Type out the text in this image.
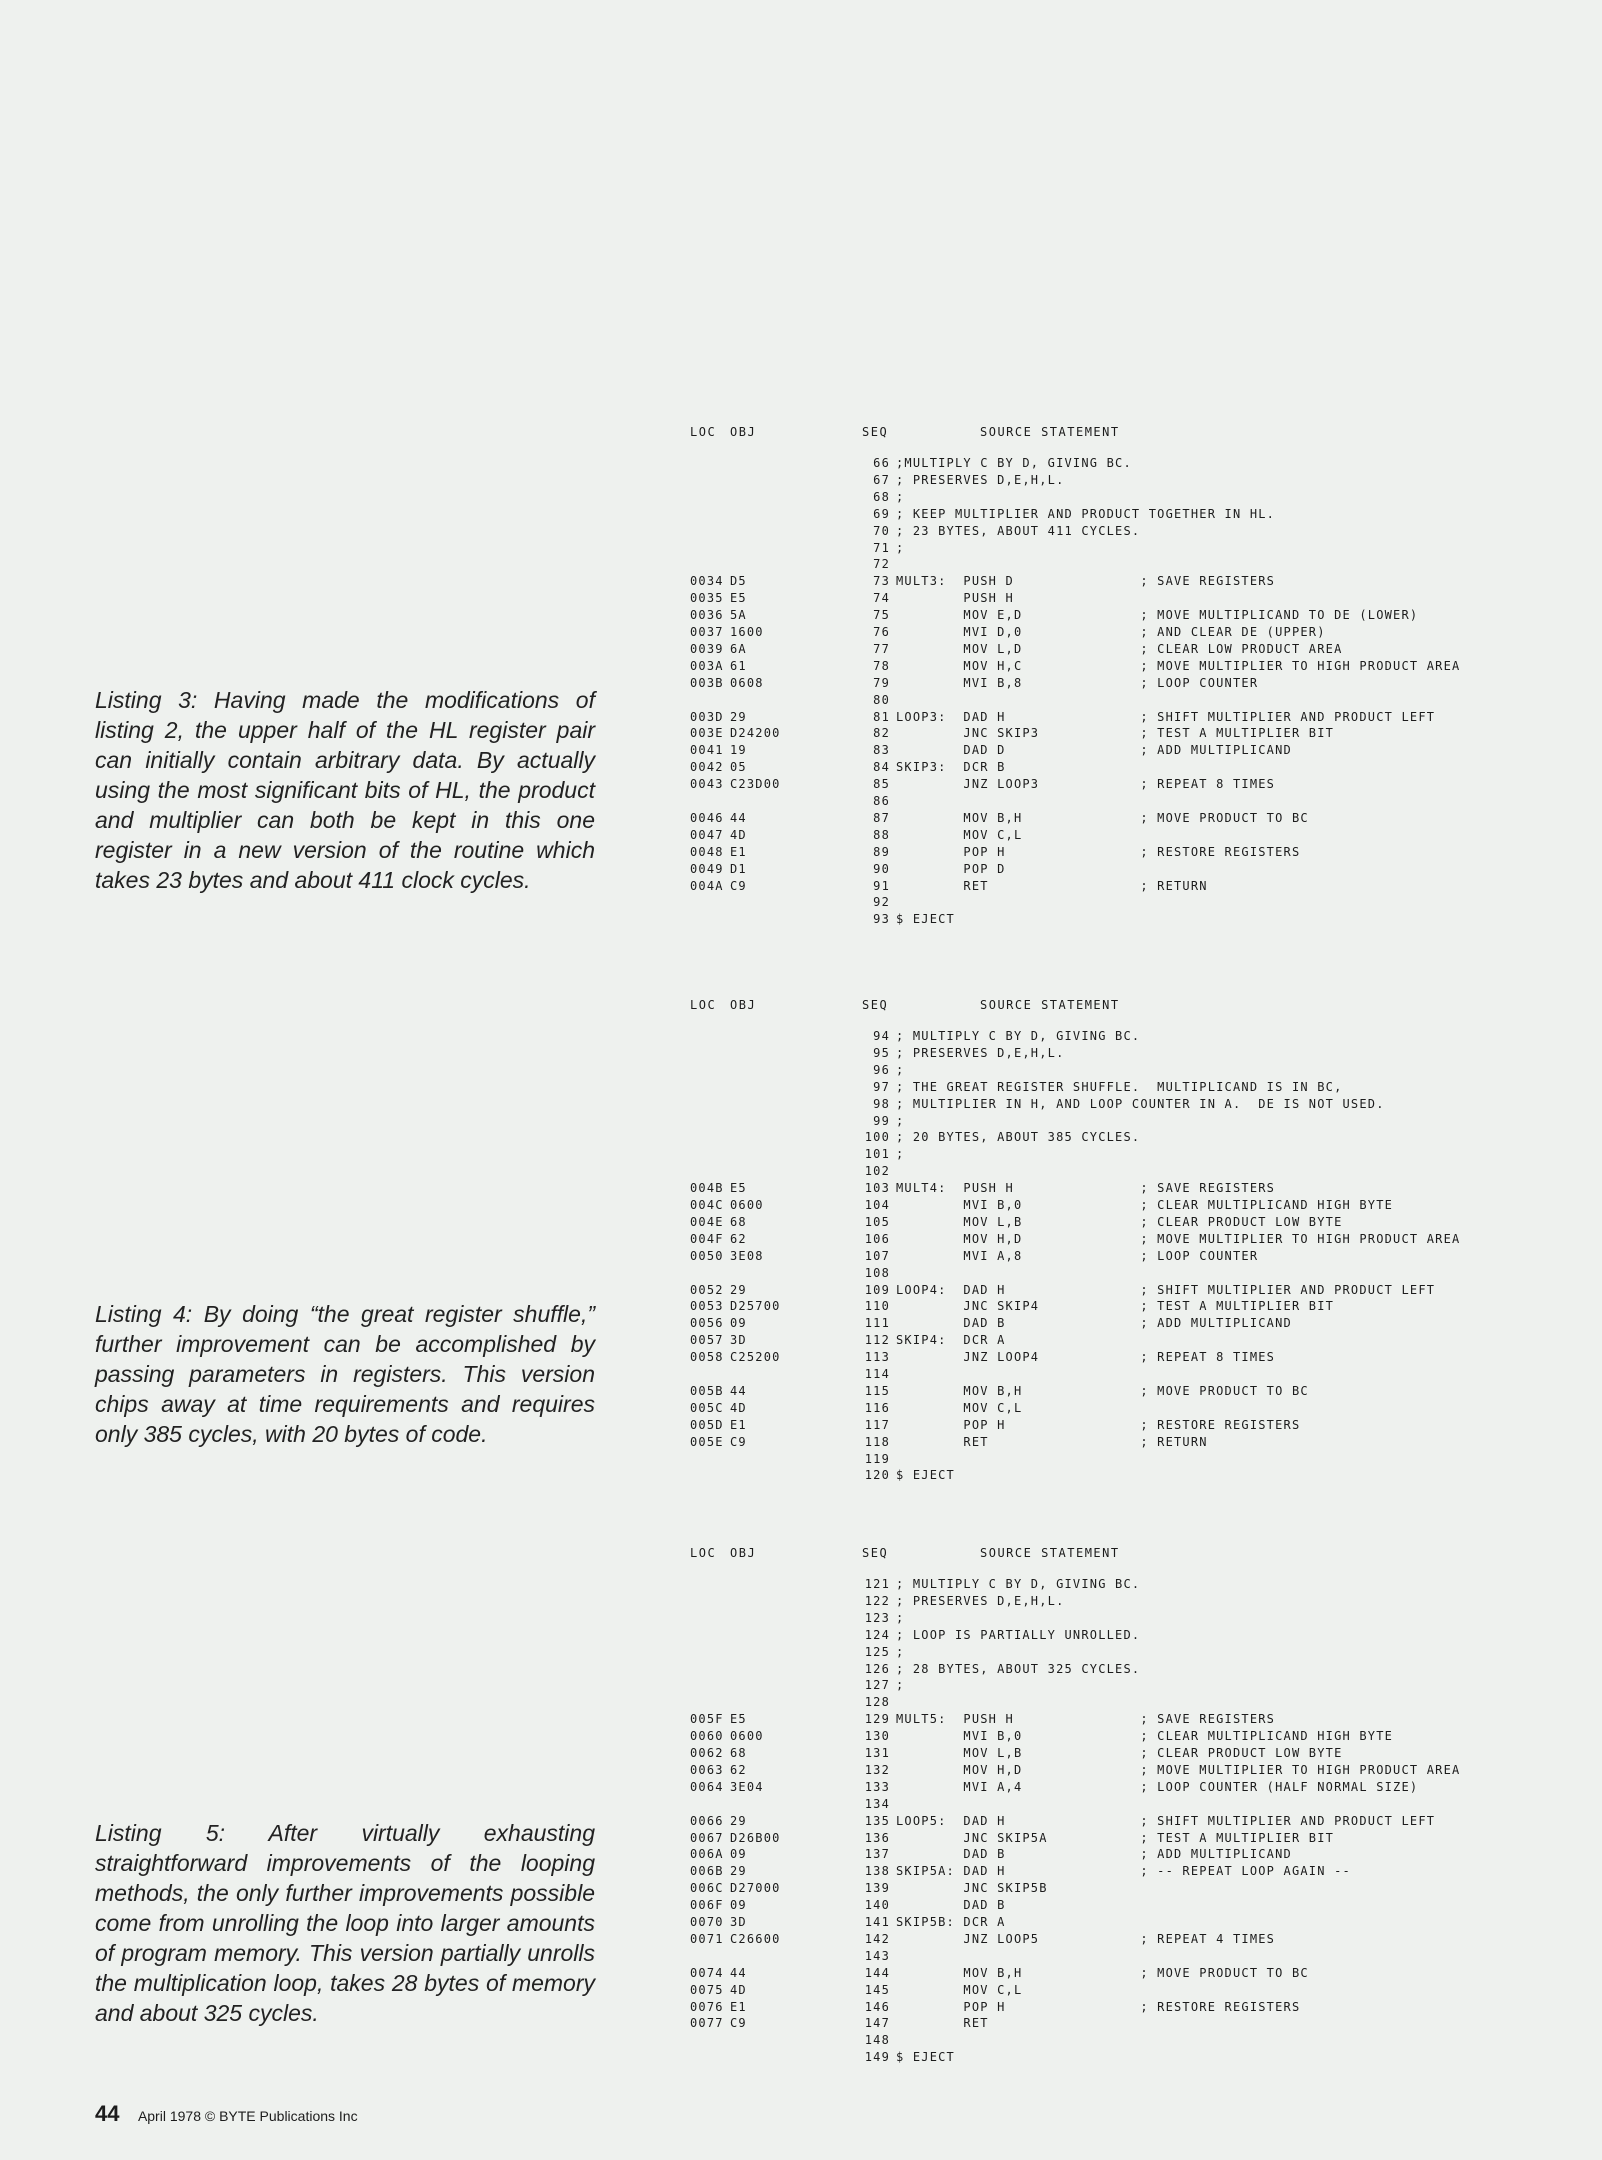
Listing 3: Having made the modifications of listing 2, the upper half of the HL register pair can initially contain arbitrary data. By actually using the most significant bits of HL, the product and multiplier can both be kept in this one register in a new version of the routine which takes 23 bytes and about 411 clock cycles.
Listing 4: By doing “the great register shuffle,” further improvement can be accomplished by passing parameters in registers. This version chips away at time requirements and requires only 385 cycles, with 20 bytes of code.
Listing 5: After virtually exhausting straightforward improvements of the looping methods, the only further improvements possible come from unrolling the loop into larger amounts of program memory. This version partially unrolls the multiplication loop, takes 28 bytes of memory and about 325 cycles.
LOC OBJ	SEQ	SOURCE STATEMENT
66 ;MULTIPLY C BY D, GIVING BC.
67 ; PRESERVES D,E,H,L.
68 ;
69 ; KEEP MULTIPLIER AND PRODUCT TOGETHER IN HL.
70 ; 23 BYTES, ABOUT 411 CYCLES.
71 ;
72
0034 D5	73 MULT3:  PUSH D               ; SAVE REGISTERS
0035 E5	74 PUSH H
0036 5A	75 MOV E,D              ; MOVE MULTIPLICAND TO DE (LOWER)
0037 1600	76 MVI D,0              ; AND CLEAR DE (UPPER)
0039 6A	77 MOV L,D              ; CLEAR LOW PRODUCT AREA
003A 61	78 MOV H,C              ; MOVE MULTIPLIER TO HIGH PRODUCT AREA
003B 0608	79 MVI B,8              ; LOOP COUNTER
80
003D 29	81 LOOP3:  DAD H                ; SHIFT MULTIPLIER AND PRODUCT LEFT
003E D24200	82 JNC SKIP3            ; TEST A MULTIPLIER BIT
0041 19	83 DAD D                ; ADD MULTIPLICAND
0042 05	84 SKIP3:  DCR B
0043 C23D00	85 JNZ LOOP3            ; REPEAT 8 TIMES
86
0046 44	87 MOV B,H              ; MOVE PRODUCT TO BC
0047 4D	88 MOV C,L
0048 E1	89 POP H                ; RESTORE REGISTERS
0049 D1	90 POP D
004A C9	91 RET                  ; RETURN
92
93 $ EJECT
LOC OBJ	SEQ	SOURCE STATEMENT
94 ; MULTIPLY C BY D, GIVING BC.
95 ; PRESERVES D,E,H,L.
96 ;
97 ; THE GREAT REGISTER SHUFFLE.  MULTIPLICAND IS IN BC,
98 ; MULTIPLIER IN H, AND LOOP COUNTER IN A.  DE IS NOT USED.
99 ;
100 ; 20 BYTES, ABOUT 385 CYCLES.
101 ;
102
004B E5	103 MULT4:  PUSH H               ; SAVE REGISTERS
004C 0600	104 MVI B,0              ; CLEAR MULTIPLICAND HIGH BYTE
004E 68	105 MOV L,B              ; CLEAR PRODUCT LOW BYTE
004F 62	106 MOV H,D              ; MOVE MULTIPLIER TO HIGH PRODUCT AREA
0050 3E08	107 MVI A,8              ; LOOP COUNTER
108
0052 29	109 LOOP4:  DAD H                ; SHIFT MULTIPLIER AND PRODUCT LEFT
0053 D25700	110 JNC SKIP4            ; TEST A MULTIPLIER BIT
0056 09	111 DAD B                ; ADD MULTIPLICAND
0057 3D	112 SKIP4:  DCR A
0058 C25200	113 JNZ LOOP4            ; REPEAT 8 TIMES
114
005B 44	115 MOV B,H              ; MOVE PRODUCT TO BC
005C 4D	116 MOV C,L
005D E1	117 POP H                ; RESTORE REGISTERS
005E C9	118 RET                  ; RETURN
119
120 $ EJECT
LOC OBJ	SEQ	SOURCE STATEMENT
121 ; MULTIPLY C BY D, GIVING BC.
122 ; PRESERVES D,E,H,L.
123 ;
124 ; LOOP IS PARTIALLY UNROLLED.
125 ;
126 ; 28 BYTES, ABOUT 325 CYCLES.
127 ;
128
005F E5	129 MULT5:  PUSH H               ; SAVE REGISTERS
0060 0600	130 MVI B,0              ; CLEAR MULTIPLICAND HIGH BYTE
0062 68	131 MOV L,B              ; CLEAR PRODUCT LOW BYTE
0063 62	132 MOV H,D              ; MOVE MULTIPLIER TO HIGH PRODUCT AREA
0064 3E04	133 MVI A,4              ; LOOP COUNTER (HALF NORMAL SIZE)
134
0066 29	135 LOOP5:  DAD H                ; SHIFT MULTIPLIER AND PRODUCT LEFT
0067 D26B00	136 JNC SKIP5A           ; TEST A MULTIPLIER BIT
006A 09	137 DAD B                ; ADD MULTIPLICAND
006B 29	138 SKIP5A: DAD H                ; -- REPEAT LOOP AGAIN --
006C D27000	139 JNC SKIP5B
006F 09	140 DAD B
0070 3D	141 SKIP5B: DCR A
0071 C26600	142 JNZ LOOP5            ; REPEAT 4 TIMES
143
0074 44	144 MOV B,H              ; MOVE PRODUCT TO BC
0075 4D	145 MOV C,L
0076 E1	146 POP H                ; RESTORE REGISTERS
0077 C9	147 RET
148
149 $ EJECT
44 April 1978 © BYTE Publications Inc
